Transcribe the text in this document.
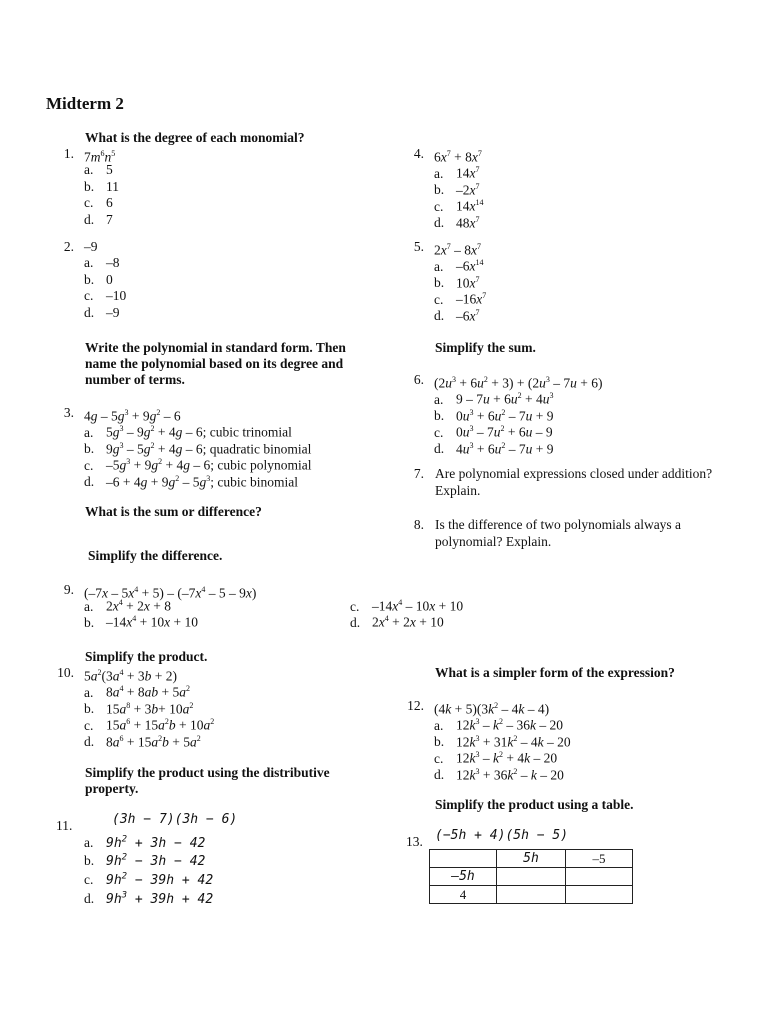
Midterm 2
What is the degree of each monomial?
1. $7m^6n^5$
a. 5
b. 11
c. 6
d. 7
2. –9
a. –8
b. 0
c. –10
d. –9
Write the polynomial in standard form. Then name the polynomial based on its degree and number of terms.
3. $4g - 5g^3 + 9g^2 - 6$
a. $5g^3 - 9g^2 + 4g - 6$; cubic trinomial
b. $9g^3 - 5g^2 + 4g - 6$; quadratic binomial
c. $-5g^3 + 9g^2 + 4g - 6$; cubic polynomial
d. $-6 + 4g + 9g^2 - 5g^3$; cubic binomial
What is the sum or difference?
Simplify the difference.
9. $(-7x - 5x^4 + 5) - (-7x^4 - 5 - 9x)$
a. $2x^4 + 2x + 8$
b. $-14x^4 + 10x + 10$
c. $-14x^4 - 10x + 10$
d. $2x^4 + 2x + 10$
Simplify the product.
10. $5a^2(3a^4 + 3b + 2)$
a. $8a^4 + 8ab + 5a^2$
b. $15a^8 + 3b+ 10a^2$
c. $15a^6 + 15a^2b + 10a^2$
d. $8a^6 + 15a^2b + 5a^2$
Simplify the product using the distributive property.
11.	(3h − 7)(3h − 6)
a. $9h^2 + 3h - 42$
b. $9h^2 - 3h - 42$
c. $9h^2 - 39h + 42$
d. $9h^3 + 39h + 42$
4. $6x^7 + 8x^7$
a. $14x^7$
b. $-2x^7$
c. $14x^{14}$
d. $48x^7$
5. $2x^7 - 8x^7$
a. $-6x^{14}$
b. $10x^7$
c. $-16x^7$
d. $-6x^7$
Simplify the sum.
6. $(2u^3 + 6u^2 + 3) + (2u^3 - 7u + 6)$
a. $9 - 7u + 6u^2 + 4u^3$
b. $0u^3 + 6u^2 - 7u + 9$
c. $0u^3 - 7u^2 + 6u - 9$
d. $4u^3 + 6u^2 - 7u + 9$
7. Are polynomial expressions closed under addition? Explain.
8. Is the difference of two polynomials always a polynomial? Explain.
What is a simpler form of the expression?
12. $(4k + 5)(3k^2 - 4k - 4)$
a. $12k^3 - k^2 - 36k - 20$
b. $12k^3 + 31k^2 - 4k - 20$
c. $12k^3 - k^2 + 4k - 20$
d. $12k^3 + 36k^2 - k - 20$
Simplify the product using a table.
13. (−5h + 4)(5h − 5)
	5h	–5
–5h		
4		
